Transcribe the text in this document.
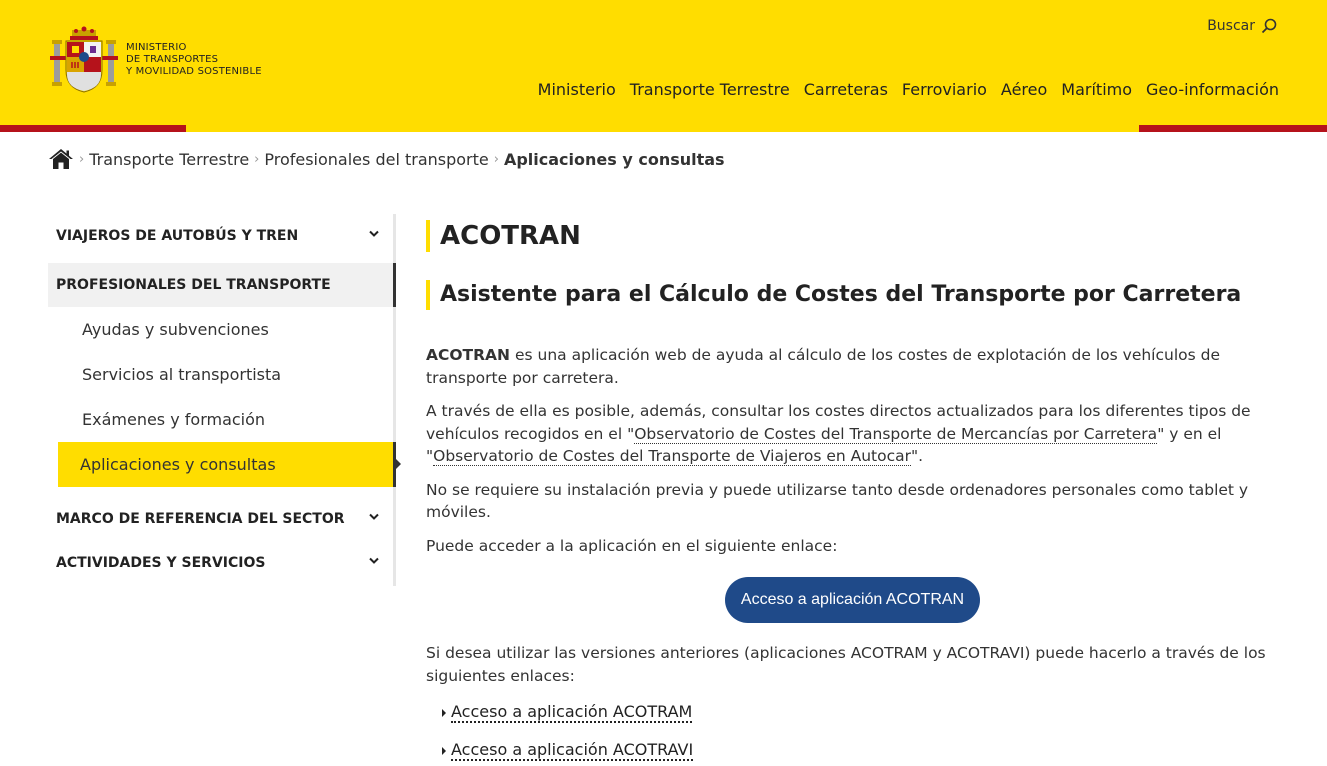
MINISTERIO
DE TRANSPORTES
Y MOVILIDAD SOSTENIBLE
Buscar
Ministerio Transporte Terrestre Carreteras Ferroviario Aéreo Marítimo Geo-información
› Transporte Terrestre › Profesionales del transporte › Aplicaciones y consultas
VIAJEROS DE AUTOBÚS Y TREN
PROFESIONALES DEL TRANSPORTE
Ayudas y subvenciones
Servicios al transportista
Exámenes y formación
Aplicaciones y consultas
MARCO DE REFERENCIA DEL SECTOR
ACTIVIDADES Y SERVICIOS
ACOTRAN
Asistente para el Cálculo de Costes del Transporte por Carretera

ACOTRAN es una aplicación web de ayuda al cálculo de los costes de explotación de los vehículos de transporte por carretera.

A través de ella es posible, además, consultar los costes directos actualizados para los diferentes tipos de vehículos recogidos en el "Observatorio de Costes del Transporte de Mercancías por Carretera" y en el "Observatorio de Costes del Transporte de Viajeros en Autocar".

No se requiere su instalación previa y puede utilizarse tanto desde ordenadores personales como tablet y móviles.

Puede acceder a la aplicación en el siguiente enlace:

Acceso a aplicación ACOTRAN

Si desea utilizar las versiones anteriores (aplicaciones ACOTRAM y ACOTRAVI) puede hacerlo a través de los siguientes enlaces:

Acceso a aplicación ACOTRAM
Acceso a aplicación ACOTRAVI
